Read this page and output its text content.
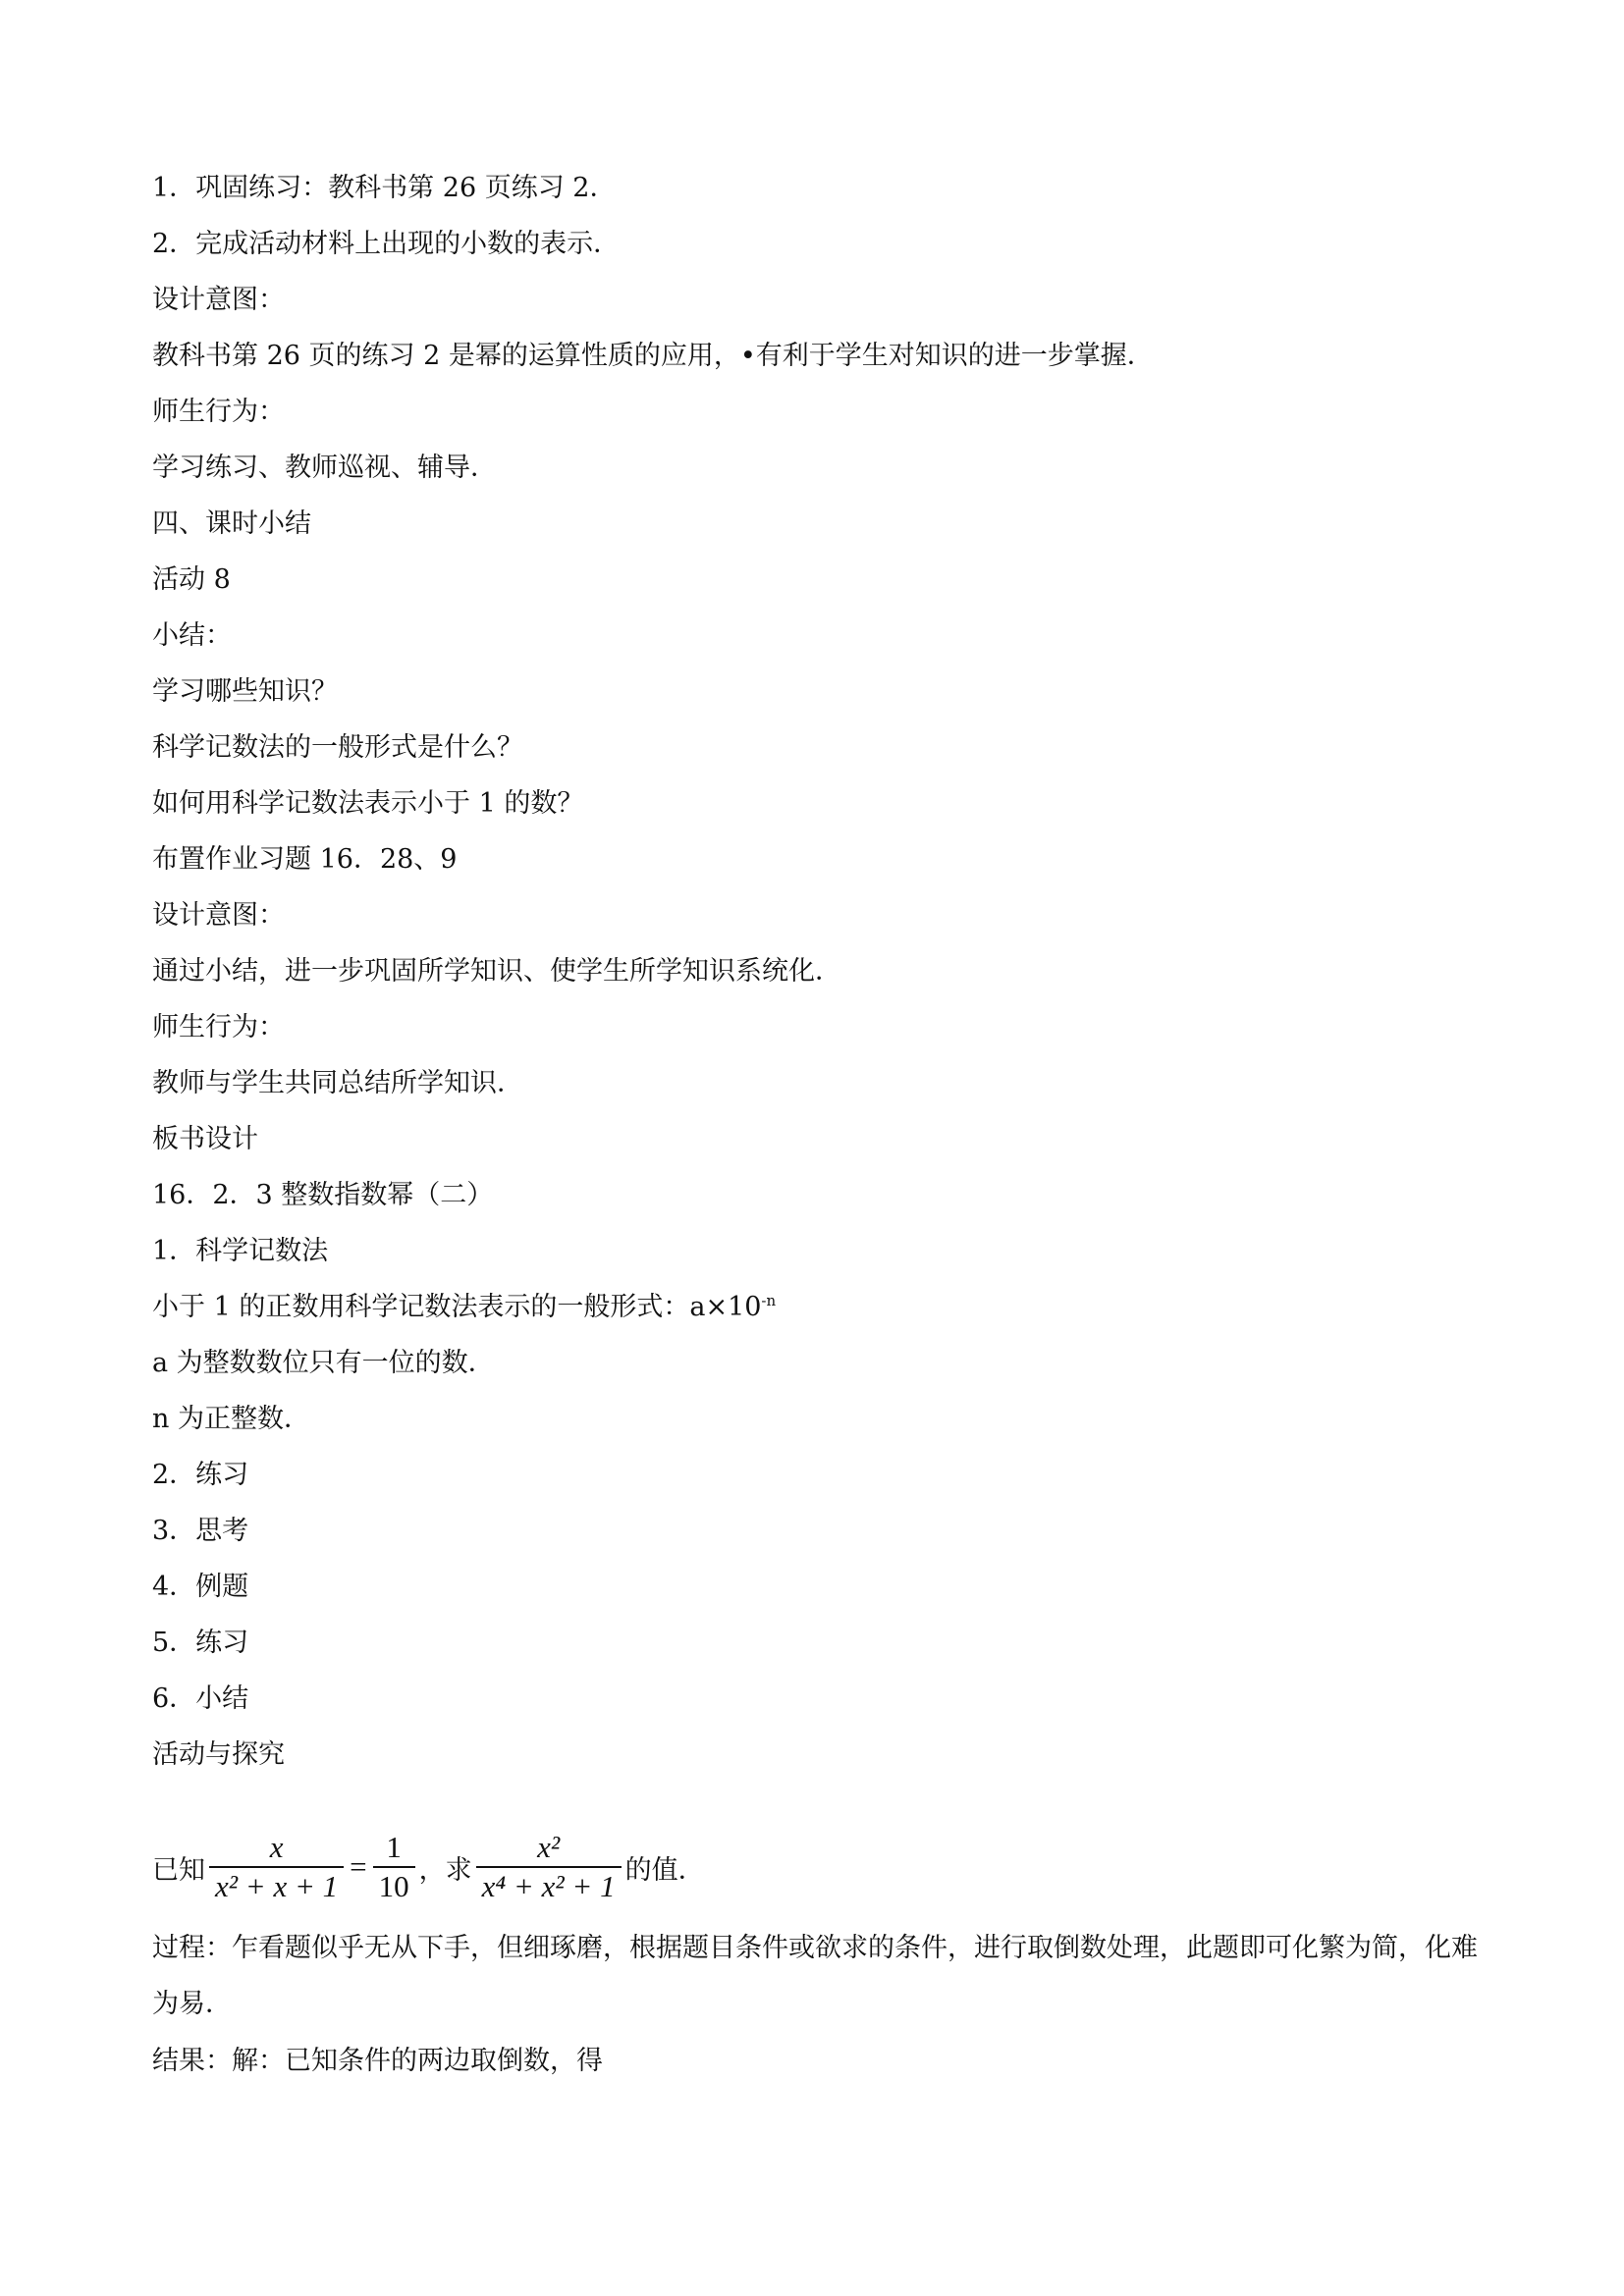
1．巩固练习：教科书第 26 页练习 2．
2．完成活动材料上出现的小数的表示．
设计意图：
教科书第 26 页的练习 2 是幂的运算性质的应用，•有利于学生对知识的进一步掌握．
师生行为：
学习练习、教师巡视、辅导．
四、课时小结
活动 8
小结：
学习哪些知识？
科学记数法的一般形式是什么？
如何用科学记数法表示小于 1 的数？
布置作业习题 16．28、9
设计意图：
通过小结，进一步巩固所学知识、使学生所学知识系统化．
师生行为：
教师与学生共同总结所学知识．
板书设计
16．2．3 整数指数幂（二）
1．科学记数法
小于 1 的正数用科学记数法表示的一般形式：$a\times 10^{-n}$
a 为整数数位只有一位的数．
n 为正整数．
2．练习
3．思考
4．例题
5．练习
6．小结
活动与探究
已知 $\frac{x}{\text{x² + x + 1}} = \frac{1}{10}$ ，求 $\frac{\text{x²}}{\text{x⁴ + x² + 1}}$ 的值．
过程：乍看题似乎无从下手，但细琢磨，根据题目条件或欲求的条件，进行取倒数处理，此题即可化繁为简，化难为易．
结果：解：已知条件的两边取倒数，得
